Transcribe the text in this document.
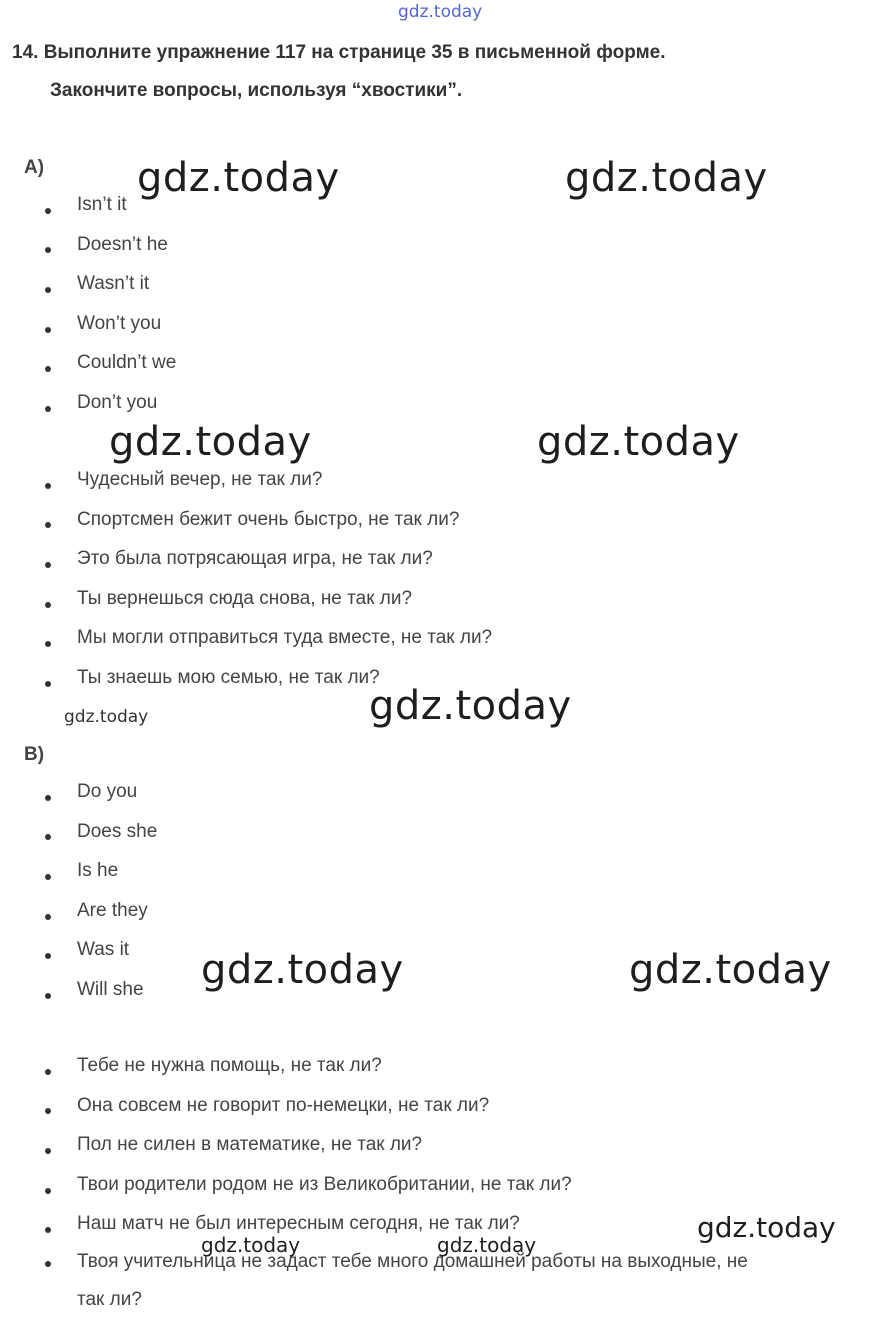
gdz.today
14. Выполните упражнение 117 на странице 35 в письменной форме.
Закончите вопросы, используя “хвостики”.
A)
Isn’t it
Doesn’t he
Wasn’t it
Won’t you
Couldn’t we
Don’t you
Чудесный вечер, не так ли?
Спортсмен бежит очень быстро, не так ли?
Это была потрясающая игра, не так ли?
Ты вернешься сюда снова, не так ли?
Мы могли отправиться туда вместе, не так ли?
Ты знаешь мою семью, не так ли?
B)
Do you
Does she
Is he
Are they
Was it
Will she
Тебе не нужна помощь, не так ли?
Она совсем не говорит по-немецки, не так ли?
Пол не силен в математике, не так ли?
Твои родители родом не из Великобритании, не так ли?
Наш матч не был интересным сегодня, не так ли?
Твоя учительница не задаст тебе много домашней работы на выходные, не
так ли?
gdz.today	gdz.today
gdz.today	gdz.today
gdz.today
gdz.today
gdz.today	gdz.today
gdz.today
gdz.today	gdz.today
